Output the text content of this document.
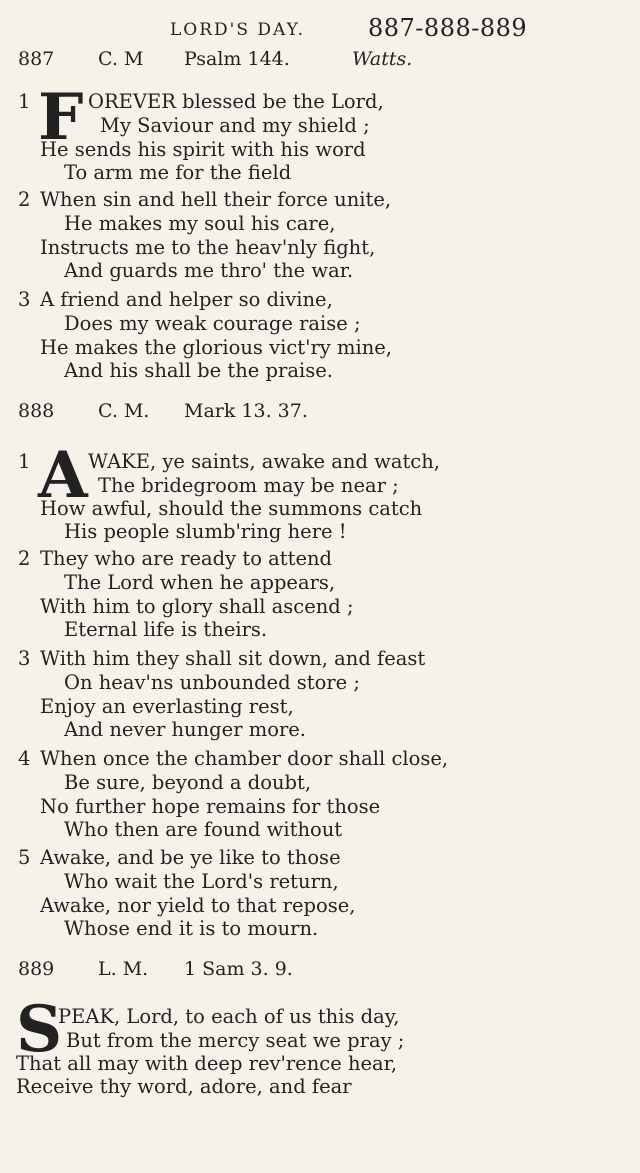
LORD'S DAY.	887-888-889
887 C. M Psalm 144.	Watts.
1 F OREVER blessed be the Lord,
My Saviour and my shield ;
He sends his spirit with his word
To arm me for the field
2 When sin and hell their force unite,
He makes my soul his care,
Instructs me to the heav'nly fight,
And guards me thro' the war.
3 A friend and helper so divine,
Does my weak courage raise ;
He makes the glorious vict'ry mine,
And his shall be the praise.
888 C. M. Mark 13. 37.
1 A WAKE, ye saints, awake and watch,
The bridegroom may be near ;
How awful, should the summons catch
His people slumb'ring here !
2 They who are ready to attend
The Lord when he appears,
With him to glory shall ascend ;
Eternal life is theirs.
3 With him they shall sit down, and feast
On heav'ns unbounded store ;
Enjoy an everlasting rest,
And never hunger more.
4 When once the chamber door shall close,
Be sure, beyond a doubt,
No further hope remains for those
Who then are found without
5 Awake, and be ye like to those
Who wait the Lord's return,
Awake, nor yield to that repose,
Whose end it is to mourn.
889 L. M. 1 Sam 3. 9.
S
PEAK, Lord, to each of us this day,
But from the mercy seat we pray ;
That all may with deep rev'rence hear,
Receive thy word, adore, and fear
